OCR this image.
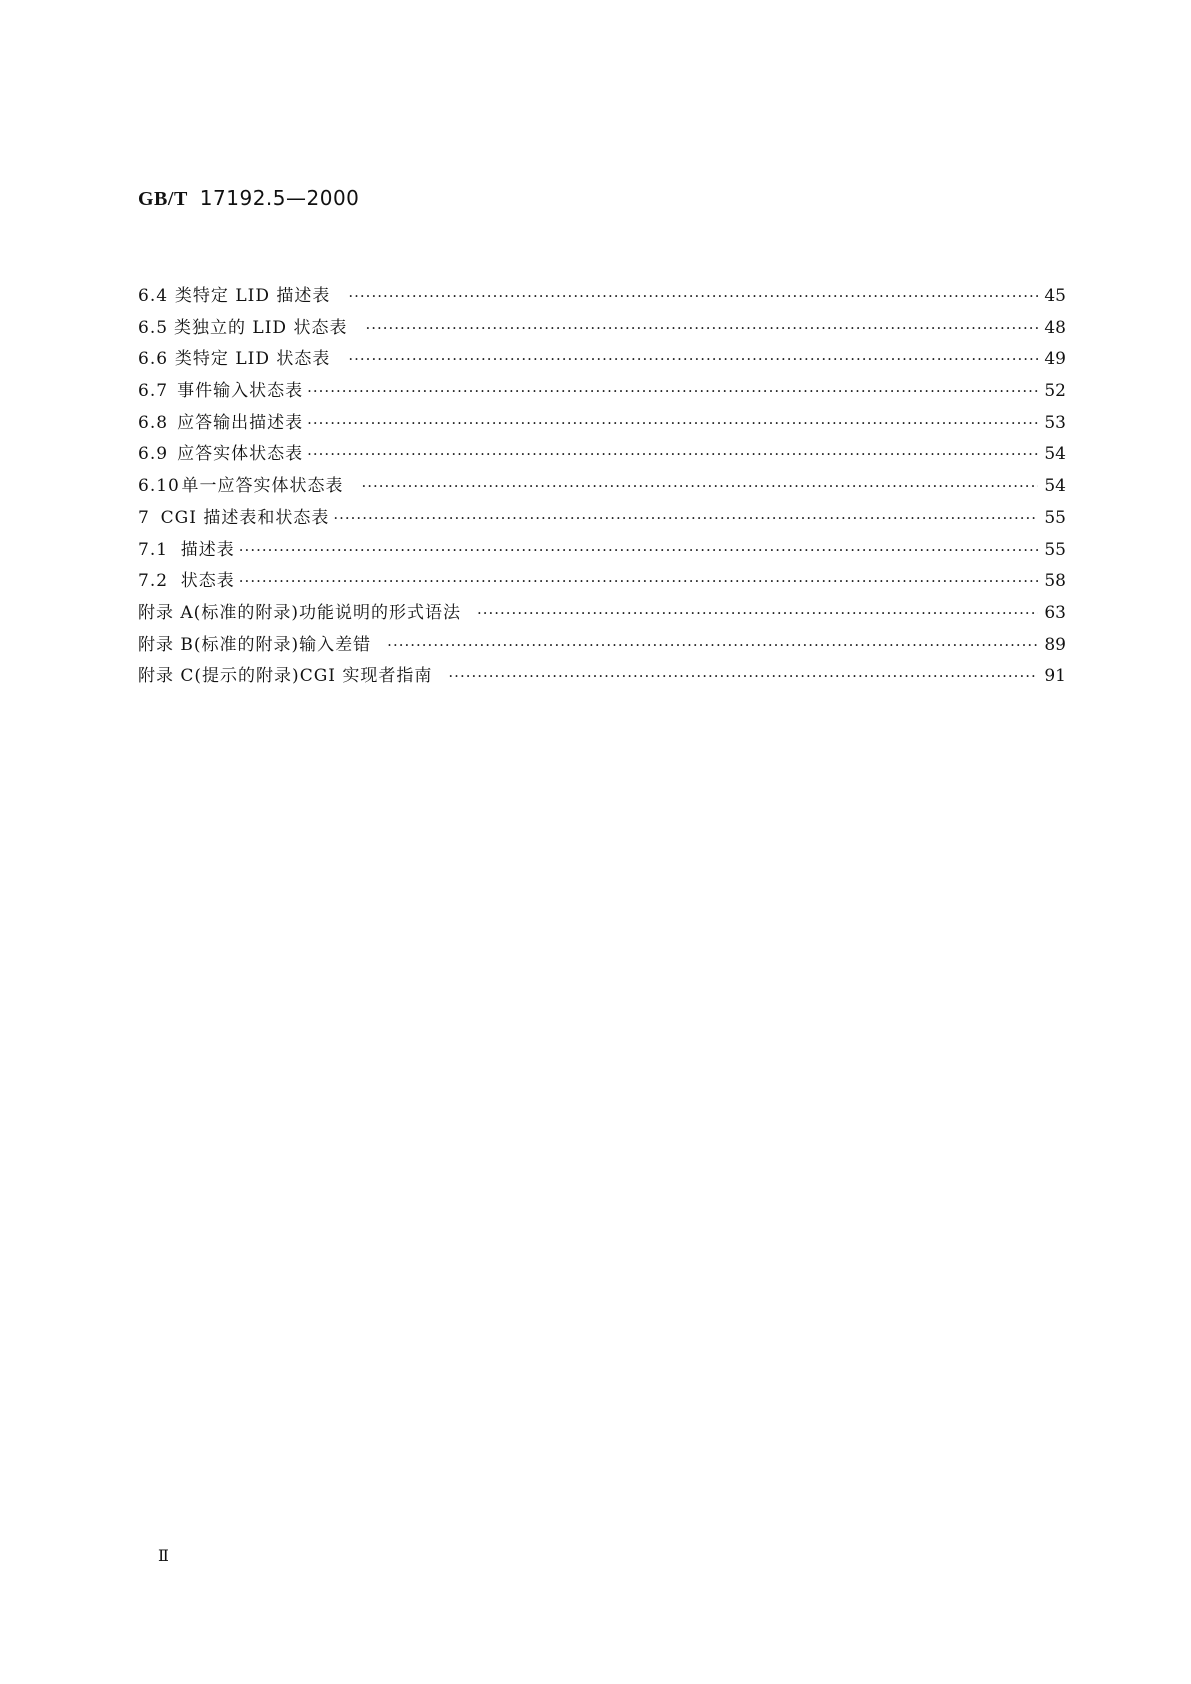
GB/T 17192.5—2000
6.4 类特定 LID 描述表 ·····	45
6.5 类独立的 LID 状态表 ·····	48
6.6 类特定 LID 状态表 ·····	49
6.7 事件输入状态表 ·····	52
6.8 应答输出描述表 ·····	53
6.9 应答实体状态表 ·····	54
6.10 单一应答实体状态表 ·····	54
7 CGI 描述表和状态表 ·····	55
7.1 描述表 ·····	55
7.2 状态表 ·····	58
附录 A(标准的附录) 功能说明的形式语法 ·····	63
附录 B(标准的附录) 输入差错 ·····	89
附录 C(提示的附录) CGI 实现者指南 ·····	91
Ⅱ
